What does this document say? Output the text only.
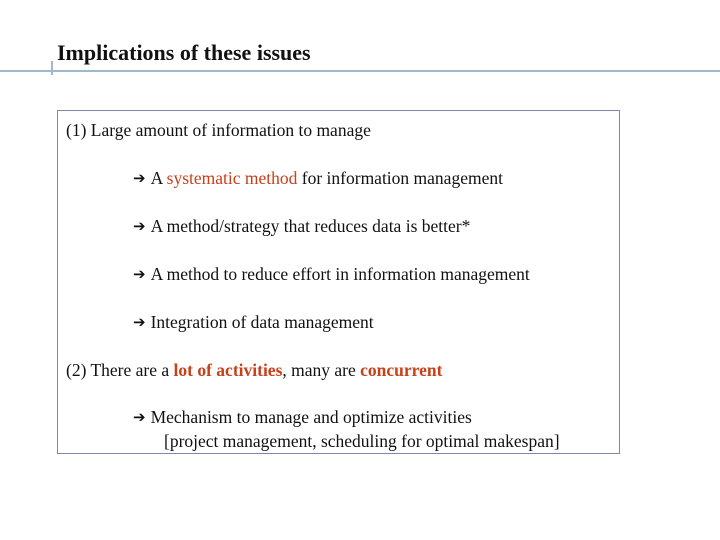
Implications of these issues
(1) Large amount of information to manage
➔ A systematic method for information management
➔ A method/strategy that reduces data is better*
➔ A method to reduce effort in information management
➔ Integration of data management
(2) There are a lot of activities, many are concurrent
➔ Mechanism to manage and optimize activities
[project management, scheduling for optimal makespan]
